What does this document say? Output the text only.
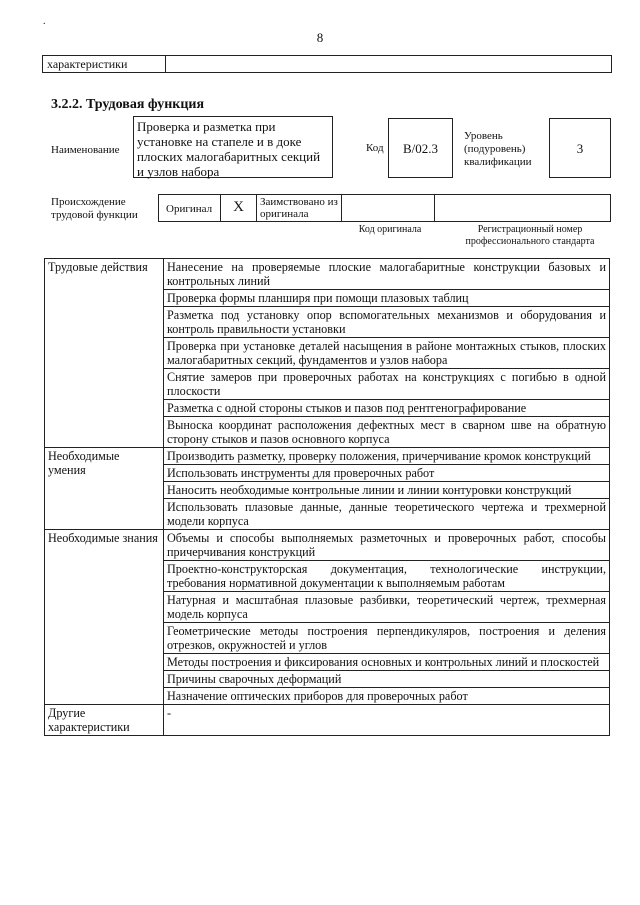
.
8
характеристики
3.2.2. Трудовая функция
Наименование
Проверка и разметка при установке на стапеле и в доке плоских малогабаритных секций и узлов набора
Код	B/02.3
Уровень (подуровень) квалификации
3
Происхождение трудовой функции	Оригинал	X	Заимствовано из оригинала
Код оригинала	Регистрационный номер профессионального стандарта
Трудовые действия	Нанесение на проверяемые плоские малогабаритные конструкции базовых и контрольных линий
	Проверка формы планширя при помощи плазовых таблиц
	Разметка под установку опор вспомогательных механизмов и оборудования и контроль правильности установки
	Проверка при установке деталей насыщения в районе монтажных стыков, плоских малогабаритных секций, фундаментов и узлов набора
	Снятие замеров при проверочных работах на конструкциях с погибью в одной плоскости
	Разметка с одной стороны стыков и пазов под рентгенографирование
	Выноска координат расположения дефектных мест в сварном шве на обратную сторону стыков и пазов основного корпуса
Необходимые умения	Производить разметку, проверку положения, причерчивание кромок конструкций
	Использовать инструменты для проверочных работ
	Наносить необходимые контрольные линии и линии контуровки конструкций
	Использовать плазовые данные, данные теоретического чертежа и трехмерной модели корпуса
Необходимые знания	Объемы и способы выполняемых разметочных и проверочных работ, способы причерчивания конструкций
	Проектно-конструкторская документация, технологические инструкции, требования нормативной документации к выполняемым работам
	Натурная и масштабная плазовые разбивки, теоретический чертеж, трехмерная модель корпуса
	Геометрические методы построения перпендикуляров, построения и деления отрезков, окружностей и углов
	Методы построения и фиксирования основных и контрольных линий и плоскостей
	Причины сварочных деформаций
	Назначение оптических приборов для проверочных работ
Другие характеристики	-
